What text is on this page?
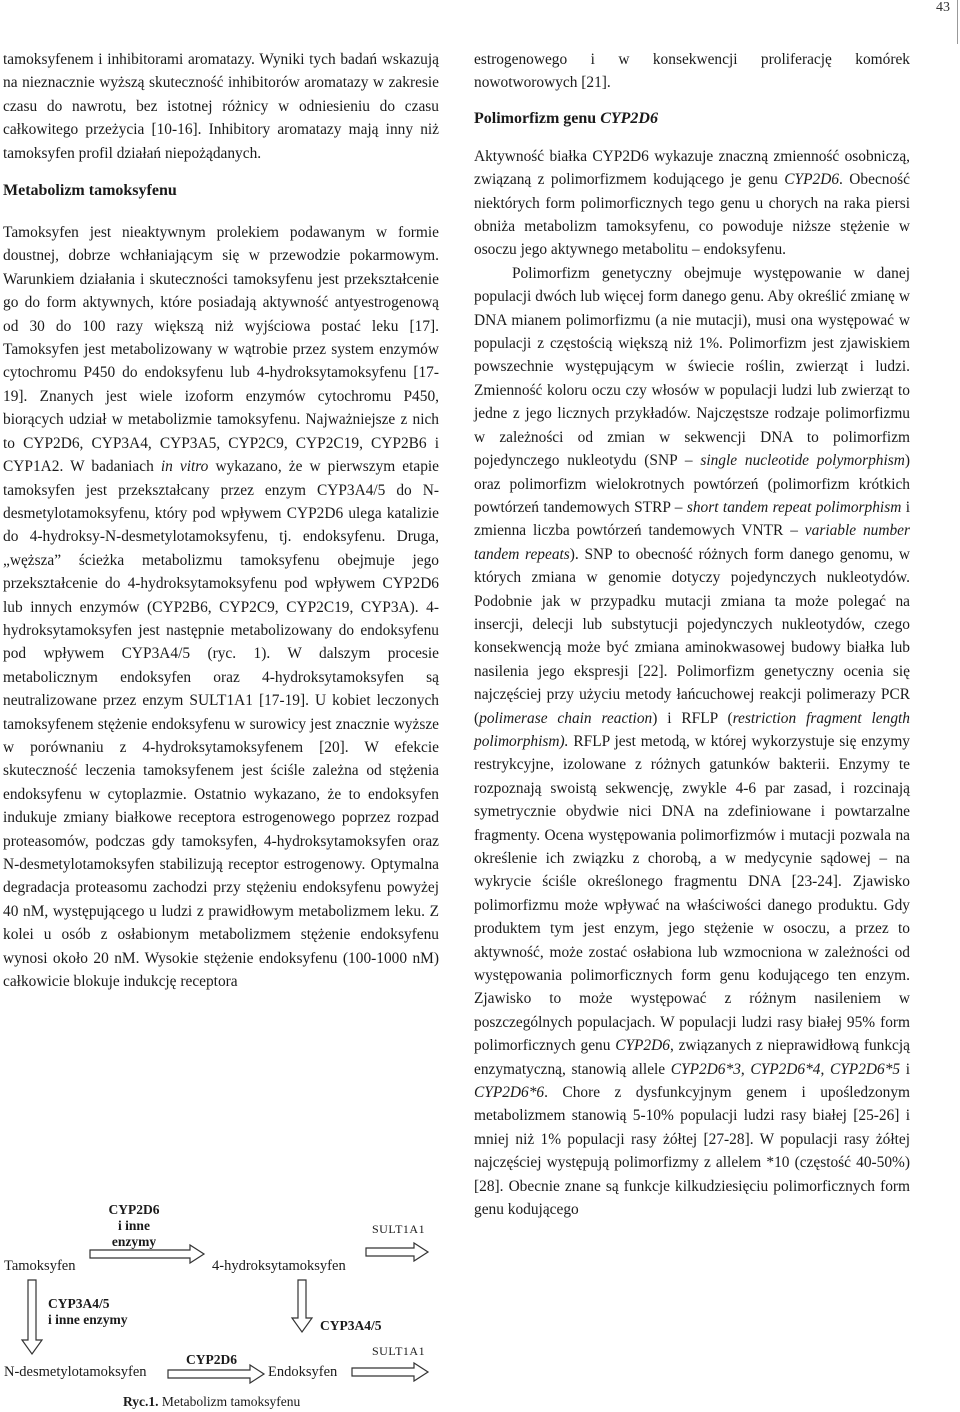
43

tamoksyfenem i inhibitorami aromatazy. Wyniki tych badań wskazują na nieznacznie wyższą skuteczność inhibitorów aromatazy w zakresie czasu do nawrotu, bez istotnej różnicy w odniesieniu do czasu całkowitego przeżycia [10-16]. Inhibitory aromatazy mają inny niż tamoksyfen profil działań niepożądanych.

Metabolizm tamoksyfenu

Tamoksyfen jest nieaktywnym prolekiem podawanym w formie doustnej, dobrze wchłaniającym się w przewodzie pokarmowym. Warunkiem działania i skuteczności tamoksyfenu jest przekształcenie go do form aktywnych, które posiadają aktywność antyestrogenową od 30 do 100 razy większą niż wyjściowa postać leku [17]. Tamoksyfen jest metabolizowany w wątrobie przez system enzymów cytochromu P450 do endoksyfenu lub 4-hydroksytamoksyfenu [17-19]. Znanych jest wiele izoform enzymów cytochromu P450, biorących udział w metabolizmie tamoksyfenu. Najważniejsze z nich to CYP2D6, CYP3A4, CYP3A5, CYP2C9, CYP2C19, CYP2B6 i CYP1A2. W badaniach in vitro wykazano, że w pierwszym etapie tamoksyfen jest przekształcany przez enzym CYP3A4/5 do N-desmetylotamoksyfenu, który pod wpływem CYP2D6 ulega katalizie do 4-hydroksy-N-desmetylotamoksyfenu, tj. endoksyfenu. Druga, „węższa” ścieżka metabolizmu tamoksyfenu obejmuje jego przekształcenie do 4-hydroksytamoksyfenu pod wpływem CYP2D6 lub innych enzymów (CYP2B6, CYP2C9, CYP2C19, CYP3A). 4-hydroksytamoksyfen jest następnie metabolizowany do endoksyfenu pod wpływem CYP3A4/5 (ryc. 1). W dalszym procesie metabolicznym endoksyfen oraz 4-hydroksytamoksyfen są neutralizowane przez enzym SULT1A1 [17-19]. U kobiet leczonych tamoksyfenem stężenie endoksyfenu w surowicy jest znacznie wyższe w porównaniu z 4-hydroksytamoksyfenem [20]. W efekcie skuteczność leczenia tamoksyfenem jest ściśle zależna od stężenia endoksyfenu w cytoplazmie. Ostatnio wykazano, że to endoksyfen indukuje zmiany białkowe receptora estrogenowego poprzez rozpad proteasomów, podczas gdy tamoksyfen, 4-hydroksytamoksyfen oraz N-desmetylotamoksyfen stabilizują receptor estrogenowy. Optymalna degradacja proteasomu zachodzi przy stężeniu endoksyfenu powyżej 40 nM, występującego u ludzi z prawidłowym metabolizmem leku. Z kolei u osób z osłabionym metabolizmem stężenie endoksyfenu wynosi około 20 nM. Wysokie stężenie endoksyfenu (100-1000 nM) całkowicie blokuje indukcję receptora

estrogenowego i w konsekwencji proliferację komórek nowotworowych [21].

Polimorfizm genu CYP2D6

Aktywność białka CYP2D6 wykazuje znaczną zmienność osobniczą, związaną z polimorfizmem kodującego je genu CYP2D6. Obecność niektórych form polimorficznych tego genu u chorych na raka piersi obniża metabolizm tamoksyfenu, co powoduje niższe stężenie w osoczu jego aktywnego metabolitu – endoksyfenu.

Polimorfizm genetyczny obejmuje występowanie w danej populacji dwóch lub więcej form danego genu. Aby określić zmianę w DNA mianem polimorfizmu (a nie mutacji), musi ona występować w populacji z częstością większą niż 1%. Polimorfizm jest zjawiskiem powszechnie występującym w świecie roślin, zwierząt i ludzi. Zmienność koloru oczu czy włosów w populacji ludzi lub zwierząt to jedne z jego licznych przykładów. Najczęstsze rodzaje polimorfizmu w zależności od zmian w sekwencji DNA to polimorfizm pojedynczego nukleotydu (SNP – single nucleotide polymorphism) oraz polimorfizm wielokrotnych powtórzeń (polimorfizm krótkich powtórzeń tandemowych STRP – short tandem repeat polimorphism i zmienna liczba powtórzeń tandemowych VNTR – variable number tandem repeats). SNP to obecność różnych form danego genomu, w których zmiana w genomie dotyczy pojedynczych nukleotydów. Podobnie jak w przypadku mutacji zmiana ta może polegać na insercji, delecji lub substytucji pojedynczych nukleotydów, czego konsekwencją może być zmiana aminokwasowej budowy białka lub nasilenia jego ekspresji [22]. Polimorfizm genetyczny ocenia się najczęściej przy użyciu metody łańcuchowej reakcji polimerazy PCR (polimerase chain reaction) i RFLP (restriction fragment length polimorphism). RFLP jest metodą, w której wykorzystuje się enzymy restrykcyjne, izolowane z różnych gatunków bakterii. Enzymy te rozpoznają swoistą sekwencję, zwykle 4-6 par zasad, i rozcinają symetrycznie obydwie nici DNA na zdefiniowane i powtarzalne fragmenty. Ocena występowania polimorfizmów i mutacji pozwala na określenie ich związku z chorobą, a w medycynie sądowej – na wykrycie ściśle określonego fragmentu DNA [23-24]. Zjawisko polimorfizmu może wpływać na właściwości danego produktu. Gdy produktem tym jest enzym, jego stężenie w osoczu, a przez to aktywność, może zostać osłabiona lub wzmocniona w zależności od występowania polimorficznych form genu kodującego ten enzym. Zjawisko to może występować z różnym nasileniem w poszczególnych populacjach. W populacji ludzi rasy białej 95% form polimorficznych genu CYP2D6, związanych z nieprawidłową funkcją enzymatyczną, stanowią allele CYP2D6*3, CYP2D6*4, CYP2D6*5 i CYP2D6*6. Chore z dysfunkcyjnym genem i upośledzonym metabolizmem stanowią 5-10% populacji ludzi rasy białej [25-26] i mniej niż 1% populacji rasy żółtej [27-28]. W populacji rasy żółtej najczęściej występują polimorfizmy z allelem *10 (częstość 40-50%) [28]. Obecnie znane są funkcje kilkudziesięciu polimorficznych form genu kodującego

Tamoksyfen
CYP2D6
i inne
enzymy
4-hydroksytamoksyfen
SULT1A1
CYP3A4/5
i inne enzymy	CYP3A4/5
N-desmetylotamoksyfen
CYP2D6
Endoksyfen
SULT1A1
Ryc.1. Metabolizm tamoksyfenu
